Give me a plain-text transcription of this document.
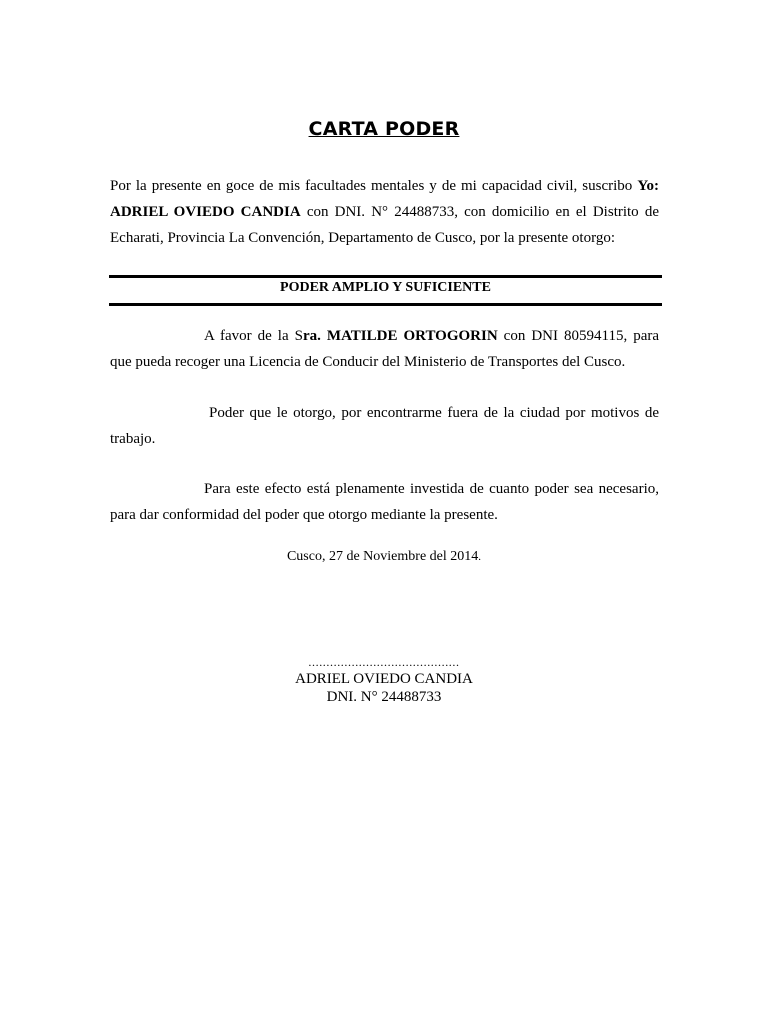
CARTA PODER
Por la presente en goce de mis facultades mentales y de mi capacidad civil, suscribo Yo: ADRIEL OVIEDO CANDIA con DNI. N° 24488733, con domicilio en el Distrito de Echarati, Provincia La Convención, Departamento de Cusco, por la presente otorgo:
PODER AMPLIO Y SUFICIENTE
A favor de la Sra. MATILDE ORTOGORIN con DNI 80594115, para que pueda recoger una Licencia de Conducir del Ministerio de Transportes del Cusco.
Poder que le otorgo, por encontrarme fuera de la ciudad por motivos de trabajo.
Para este efecto está plenamente investida de cuanto poder sea necesario, para dar conformidad del poder que otorgo mediante la presente.
Cusco, 27 de Noviembre del 2014.
..........................................
ADRIEL OVIEDO CANDIA
DNI. N° 24488733
